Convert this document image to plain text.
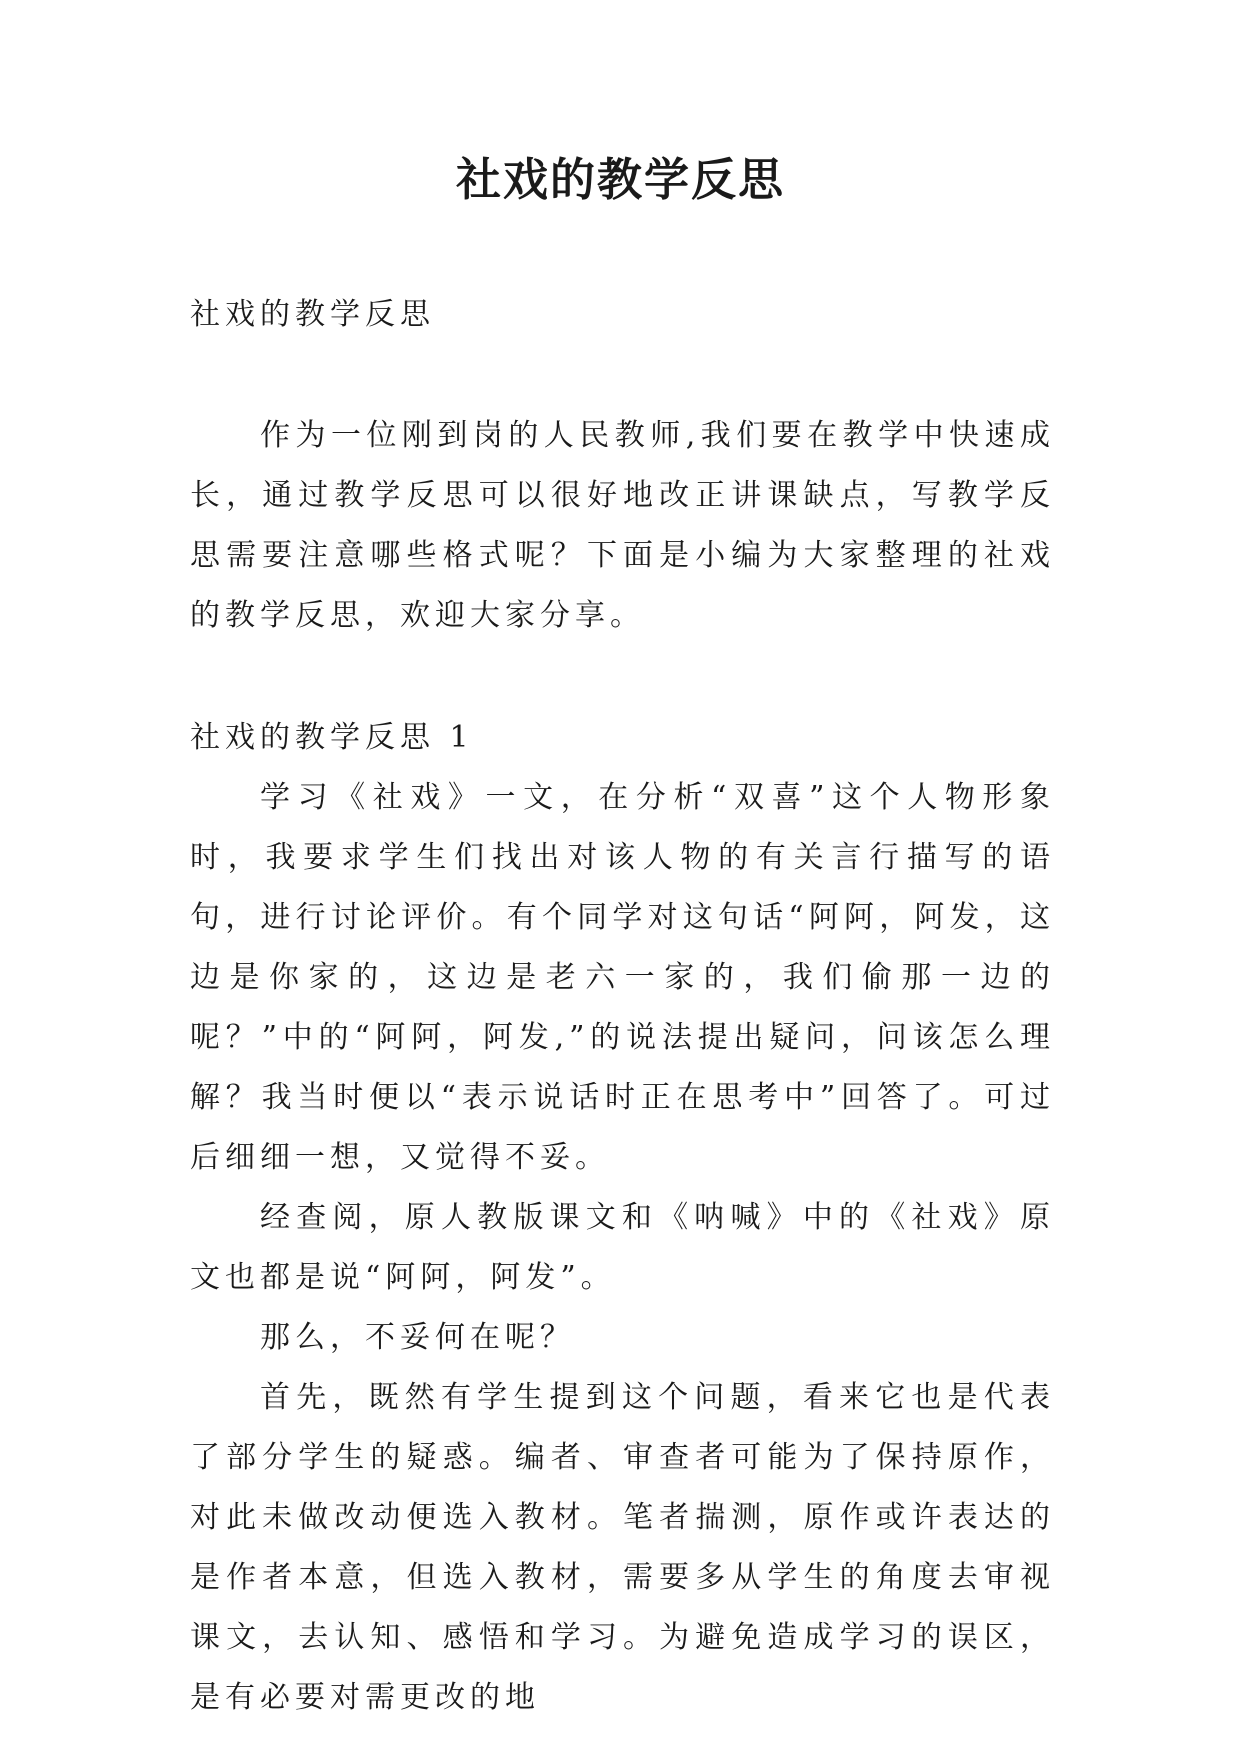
社戏的教学反思

社戏的教学反思

作为一位刚到岗的人民教师,我们要在教学中快速成长，通过教学反思可以很好地改正讲课缺点，写教学反思需要注意哪些格式呢？下面是小编为大家整理的社戏的教学反思，欢迎大家分享。

社戏的教学反思 1

学习《社戏》一文，在分析“双喜”这个人物形象时，我要求学生们找出对该人物的有关言行描写的语句，进行讨论评价。有个同学对这句话“阿阿，阿发，这边是你家的，这边是老六一家的，我们偷那一边的呢？”中的“阿阿，阿发,”的说法提出疑问，问该怎么理解？我当时便以“表示说话时正在思考中”回答了。可过后细细一想，又觉得不妥。

经查阅，原人教版课文和《呐喊》中的《社戏》原文也都是说“阿阿，阿发”。

那么，不妥何在呢？

首先，既然有学生提到这个问题，看来它也是代表了部分学生的疑惑。编者、审查者可能为了保持原作，对此未做改动便选入教材。笔者揣测，原作或许表达的是作者本意，但选入教材，需要多从学生的角度去审视课文，去认知、感悟和学习。为避免造成学习的误区，是有必要对需更改的地
